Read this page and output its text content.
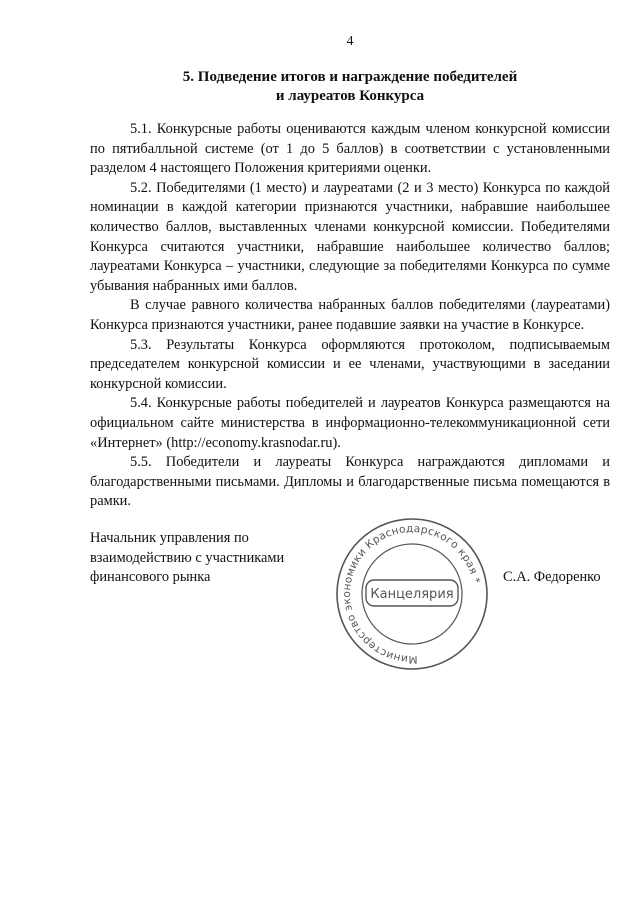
4
5. Подведение итогов и награждение победителей
и лауреатов Конкурса

5.1. Конкурсные работы оцениваются каждым членом конкурсной комиссии по пятибалльной системе (от 1 до 5 баллов) в соответствии с установленными разделом 4 настоящего Положения критериями оценки.

5.2. Победителями (1 место) и лауреатами (2 и 3 место) Конкурса по каждой номинации в каждой категории признаются участники, набравшие наибольшее количество баллов, выставленных членами конкурсной комиссии. Победителями Конкурса считаются участники, набравшие наибольшее количество баллов; лауреатами Конкурса – участники, следующие за победителями Конкурса по сумме убывания набранных ими баллов.

В случае равного количества набранных баллов победителями (лауреатами) Конкурса признаются участники, ранее подавшие заявки на участие в Конкурсе.

5.3. Результаты Конкурса оформляются протоколом, подписываемым председателем конкурсной комиссии и ее членами, участвующими в заседании конкурсной комиссии.

5.4. Конкурсные работы победителей и лауреатов Конкурса размещаются на официальном сайте министерства в информационно-телекоммуникационной сети «Интернет» (http://economy.krasnodar.ru).

5.5. Победители и лауреаты Конкурса награждаются дипломами и благодарственными письмами. Дипломы и благодарственные письма помещаются в рамки.

Начальник управления по
взаимодействию с участниками
финансового рынка
Министерство экономики Краснодарского края *
Канцелярия
С.А. Федоренко
